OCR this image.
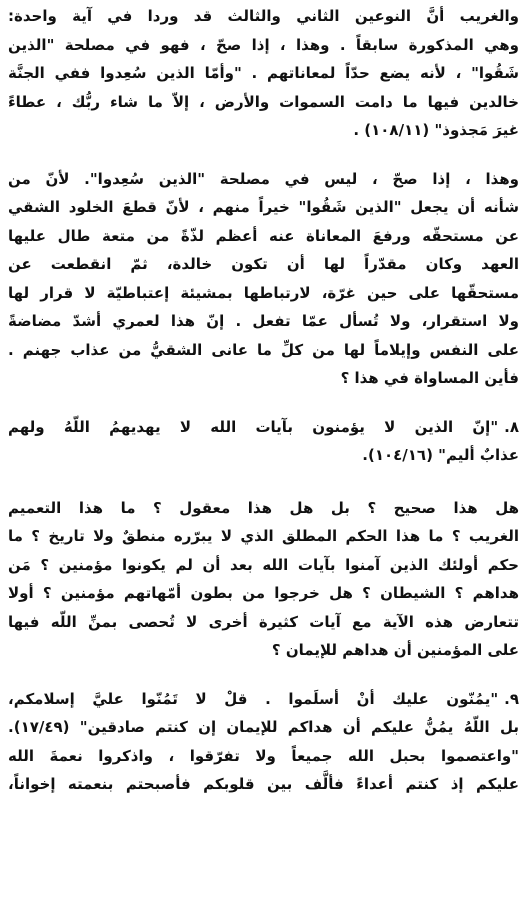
والغريب أنَّ النوعين الثاني والثالث قد وردا في آية واحدة:
وهي المذكورة سابقاً . وهذا ، إذا صحّ ، فهو في مصلحة "الذين
شَقُوا" ، لأنه يضع حدّاً لمعاناتهم . "وأمّا الذين سُعِدوا ففي الجنَّة
خالدين فيها ما دامت السموات والأرض ، إلاّ ما شاء ربُّك ، عطاءً
غيرَ مَجذوذ" (١٠٨/١١) .
وهذا ، إذا صحّ ، ليس في مصلحة "الذين سُعِدوا". لأنّ من
شأنه أن يجعل "الذين شَقُوا" خيراً منهم ، لأنّ قطعَ الخلود الشقي
عن مستحقّه ورفعَ المعاناة عنه أعظم لذّةً من متعة طال عليها
العهد وكان مقدّراً لها أن تكون خالدة، ثمّ انقطعت عن
مستحقّها على حين غرّة، لارتباطها بمشيئة إعتباطيّة لا قرار لها
ولا استقرار، ولا تُسأل عمّا تفعل . إنّ هذا لعمري أشدّ مضاضةً
على النفس وإيلاماً لها من كلِّ ما عانى الشقيُّ من عذاب جهنم .
فأين المساواة في هذا ؟
٨."إنّ الذين لا يؤمنون بآيات الله لا يهديهمُ اللّهُ ولهم
عذابٌ أليم" (١٠٤/١٦).
هل هذا صحيح ؟ بل هل هذا معقول ؟ ما هذا التعميم
الغريب ؟ ما هذا الحكم المطلق الذي لا يبرّره منطقٌ ولا تاريخ ؟ ما
حكم أولئك الذين آمنوا بآيات الله بعد أن لم يكونوا مؤمنين ؟ مَن
هداهم ؟ الشيطان ؟ هل خرجوا من بطون أمّهاتهم مؤمنين ؟ أولا
تتعارض هذه الآية مع آيات كثيرة أخرى لا تُحصى بمنِّ اللّه فيها
على المؤمنين أن هداهم للإيمان ؟
٩."يمُنّون عليك أنْ أسلَموا . قلْ لا تَمُنّوا عليَّ إسلامكم،
بل اللّهُ يمُنُّ عليكم أن هداكم للإيمان إن كنتم صادقين" (١٧/٤٩).
"واعتصموا بحبل الله جميعاً ولا تفرّقوا ، واذكروا نعمةَ الله
عليكم إذ كنتم أعداءً فألَّف بين قلوبكم فأصبحتم بنعمته إخواناً،
